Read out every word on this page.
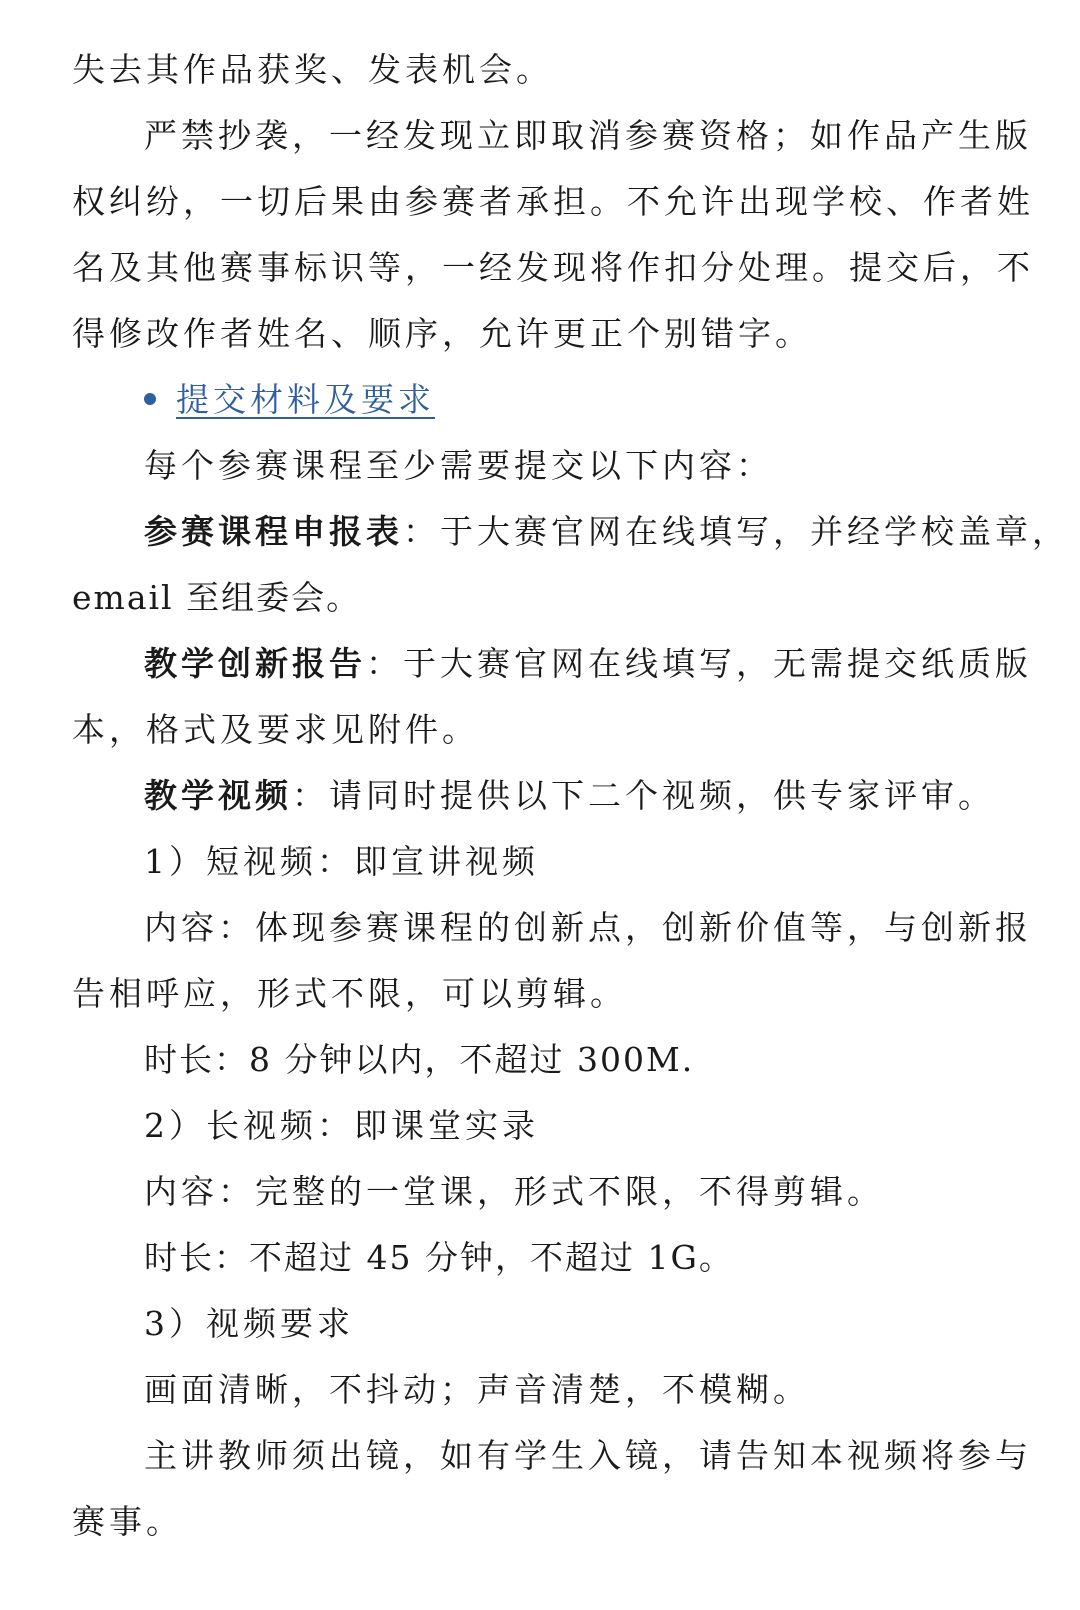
失去其作品获奖、发表机会。
严禁抄袭，一经发现立即取消参赛资格；如作品产生版
权纠纷，一切后果由参赛者承担。不允许出现学校、作者姓
名及其他赛事标识等，一经发现将作扣分处理。提交后，不
得修改作者姓名、顺序，允许更正个别错字。
提交材料及要求
每个参赛课程至少需要提交以下内容：
参赛课程申报表：于大赛官网在线填写，并经学校盖章，
email 至组委会。
教学创新报告：于大赛官网在线填写，无需提交纸质版
本，格式及要求见附件。
教学视频：请同时提供以下二个视频，供专家评审。
1）短视频：即宣讲视频
内容：体现参赛课程的创新点，创新价值等，与创新报
告相呼应，形式不限，可以剪辑。
时长：8 分钟以内，不超过 300M.
2）长视频：即课堂实录
内容：完整的一堂课，形式不限，不得剪辑。
时长：不超过 45 分钟，不超过 1G。
3）视频要求
画面清晰，不抖动；声音清楚，不模糊。
主讲教师须出镜，如有学生入镜，请告知本视频将参与
赛事。
